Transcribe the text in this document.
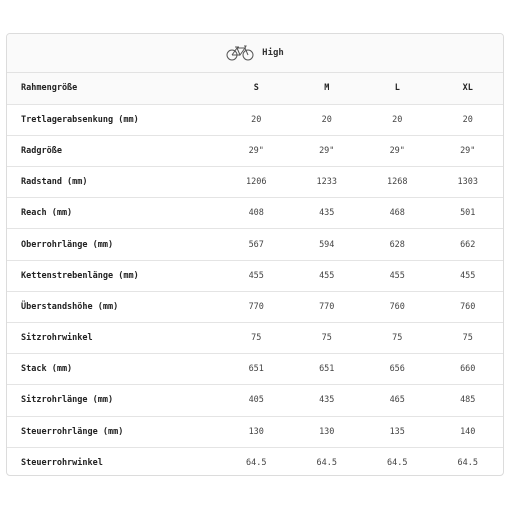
High
Rahmengröße	S	M	L	XL
Tretlagerabsenkung (mm)	20	20	20	20
Radgröße	29"	29"	29"	29"
Radstand (mm)	1206	1233	1268	1303
Reach (mm)	408	435	468	501
Oberrohrlänge (mm)	567	594	628	662
Kettenstrebenlänge (mm)	455	455	455	455
Überstandshöhe (mm)	770	770	760	760
Sitzrohrwinkel	75	75	75	75
Stack (mm)	651	651	656	660
Sitzrohrlänge (mm)	405	435	465	485
Steuerrohrlänge (mm)	130	130	135	140
Steuerrohrwinkel	64.5	64.5	64.5	64.5
